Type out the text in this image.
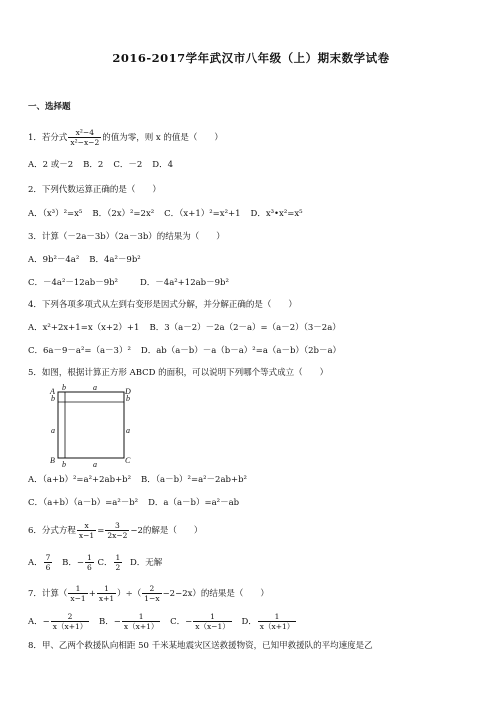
2016-2017学年武汉市八年级（上）期末数学试卷
一、选择题
1．若分式 $\frac{\text{x²−4}}{\text{x²−x−2}}$ 的值为零，则 x 的值是（　　）
A．2 或－2 B．2 C．－2 D．4
2．下列代数运算正确的是（　　）
A．（x³）²=x⁵ B．（2x）²=2x² C．（x+1）²=x²+1 D．x³•x²=x⁵
3．计算（－2a－3b）（2a－3b）的结果为（　　）
A．9b²－4a² B．4a²－9b²
C．－4a²－12ab－9b²	D．－4a²+12ab－9b²
4．下列各项多项式从左到右变形是因式分解，并分解正确的是（　　）
A．x²+2x+1=x（x+2）+1 B．3（a－2）－2a（2－a）=（a－2）（3－2a）
C．6a－9－a²=（a－3）² D．ab（a－b）－a（b－a）²=a（a－b）（2b－a）
5．如图，根据计算正方形 ABCD 的面积，可以说明下列哪个等式成立（　　）
A	D
B	C
b	a
b
a
b
a
b	a
A．（a+b）²=a²+2ab+b² B．（a－b）²=a²－2ab+b²
C．（a+b）（a－b）=a²－b² D．a（a－b）=a²－ab
6．分式方程 $\frac{x}{x-1} = \frac{3}{2x-2} -2$的解是（　　）
A． $\frac{7}{6}$ B．− $\frac{1}{6}$ C． $\frac{1}{2}$ D．无解
7．计算（ $\frac{1}{x-1} + \frac{1}{x+1}$ ）÷（ $\frac{2}{1-x} -2-2x$）的结果是（　　）
A．− $\frac{2}{x(x+1)}$ B．− $\frac{1}{x(x+1)}$ C．− $\frac{1}{x(x-1)}$ D． $\frac{1}{x(x+1)}$
8．甲、乙两个救援队向相距 50 千米某地震灾区送救援物资，已知甲救援队的平均速度是乙
